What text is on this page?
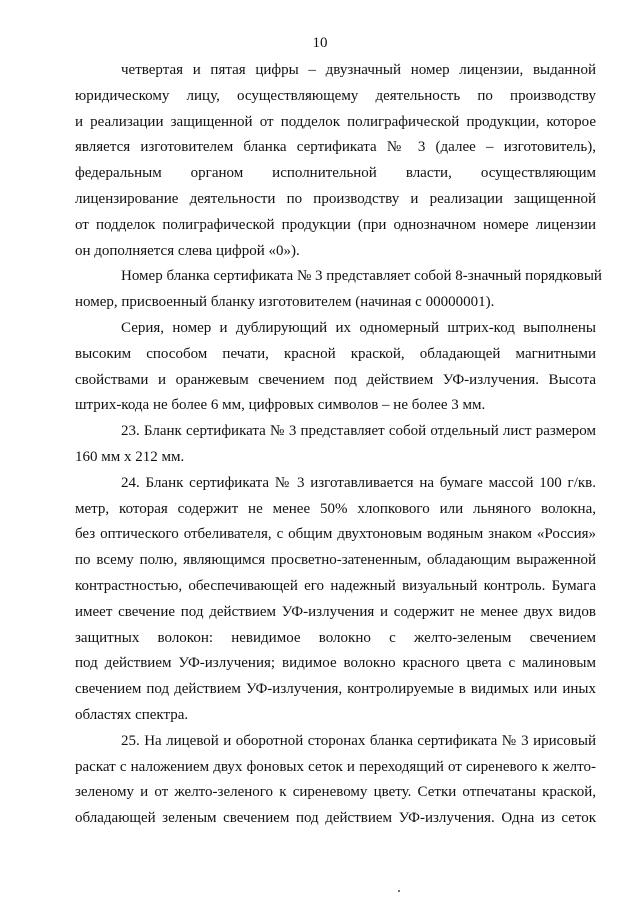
10

четвертая и пятая цифры – двузначный номер лицензии, выданной
юридическому лицу, осуществляющему деятельность по производству
и реализации защищенной от подделок полиграфической продукции, которое
является изготовителем бланка сертификата № 3 (далее – изготовитель),
федеральным органом исполнительной власти, осуществляющим
лицензирование деятельности по производству и реализации защищенной
от подделок полиграфической продукции (при однозначном номере лицензии
он дополняется слева цифрой «0»).

Номер бланка сертификата № 3 представляет собой 8-значный порядковый
номер, присвоенный бланку изготовителем (начиная с 00000001).

Серия, номер и дублирующий их одномерный штрих-код выполнены
высоким способом печати, красной краской, обладающей магнитными
свойствами и оранжевым свечением под действием УФ-излучения. Высота
штрих-кода не более 6 мм, цифровых символов – не более 3 мм.

23. Бланк сертификата № 3 представляет собой отдельный лист размером
160 мм х 212 мм.

24. Бланк сертификата № 3 изготавливается на бумаге массой 100 г/кв.
метр, которая содержит не менее 50% хлопкового или льняного волокна,
без оптического отбеливателя, с общим двухтоновым водяным знаком «Россия»
по всему полю, являющимся просветно-затененным, обладающим выраженной
контрастностью, обеспечивающей его надежный визуальный контроль. Бумага
имеет свечение под действием УФ-излучения и содержит не менее двух видов
защитных волокон: невидимое волокно с желто-зеленым свечением
под действием УФ-излучения; видимое волокно красного цвета с малиновым
свечением под действием УФ-излучения, контролируемые в видимых или иных
областях спектра.

25. На лицевой и оборотной сторонах бланка сертификата № 3 ирисовый
раскат с наложением двух фоновых сеток и переходящий от сиреневого к желто-
зеленому и от желто-зеленого к сиреневому цвету. Сетки отпечатаны краской,
обладающей зеленым свечением под действием УФ-излучения. Одна из сеток
